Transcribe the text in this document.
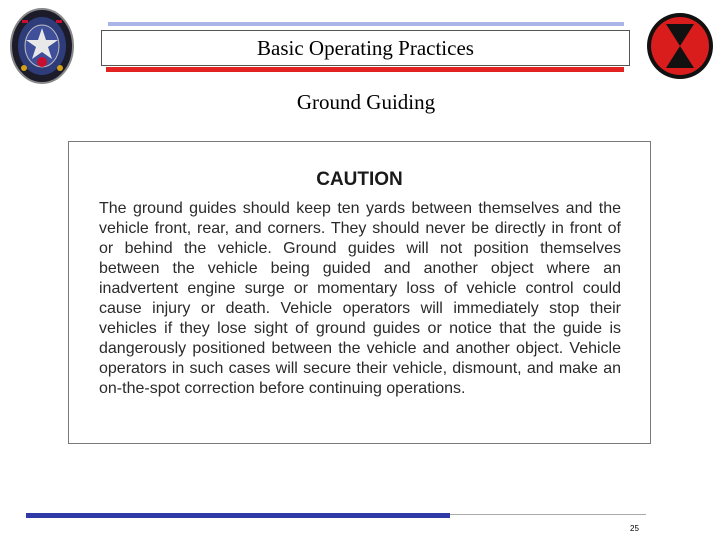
Basic Operating Practices
Ground Guiding
CAUTION
The ground guides should keep ten yards between themselves and the vehicle front, rear, and corners. They should never be directly in front of or behind the vehicle. Ground guides will not position themselves between the vehicle being guided and another object where an inadvertent engine surge or momentary loss of vehicle control could cause injury or death. Vehicle operators will immediately stop their vehicles if they lose sight of ground guides or notice that the guide is dangerously positioned between the vehicle and another object. Vehicle operators in such cases will secure their vehicle, dismount, and make an on-the-spot correction before continuing operations.
25
